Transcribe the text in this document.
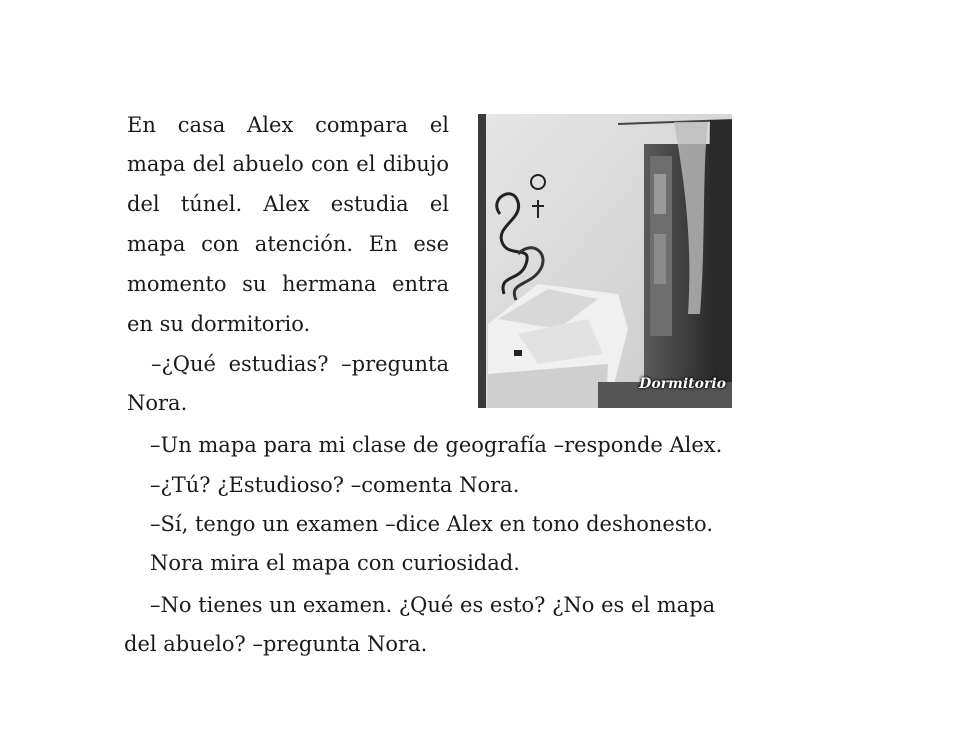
En casa Alex compara el
mapa del abuelo con el dibujo
del túnel. Alex estudia el
mapa con atención. En ese
momento su hermana entra
en su dormitorio.
–¿Qué estudias? –pregunta
Nora.
–Un mapa para mi clase de geografía –responde Alex.
–¿Tú? ¿Estudioso? –comenta Nora.
–Sí, tengo un examen –dice Alex en tono deshonesto.
Nora mira el mapa con curiosidad.
–No tienes un examen. ¿Qué es esto? ¿No es el mapa
del abuelo? –pregunta Nora.
Dormitorio
